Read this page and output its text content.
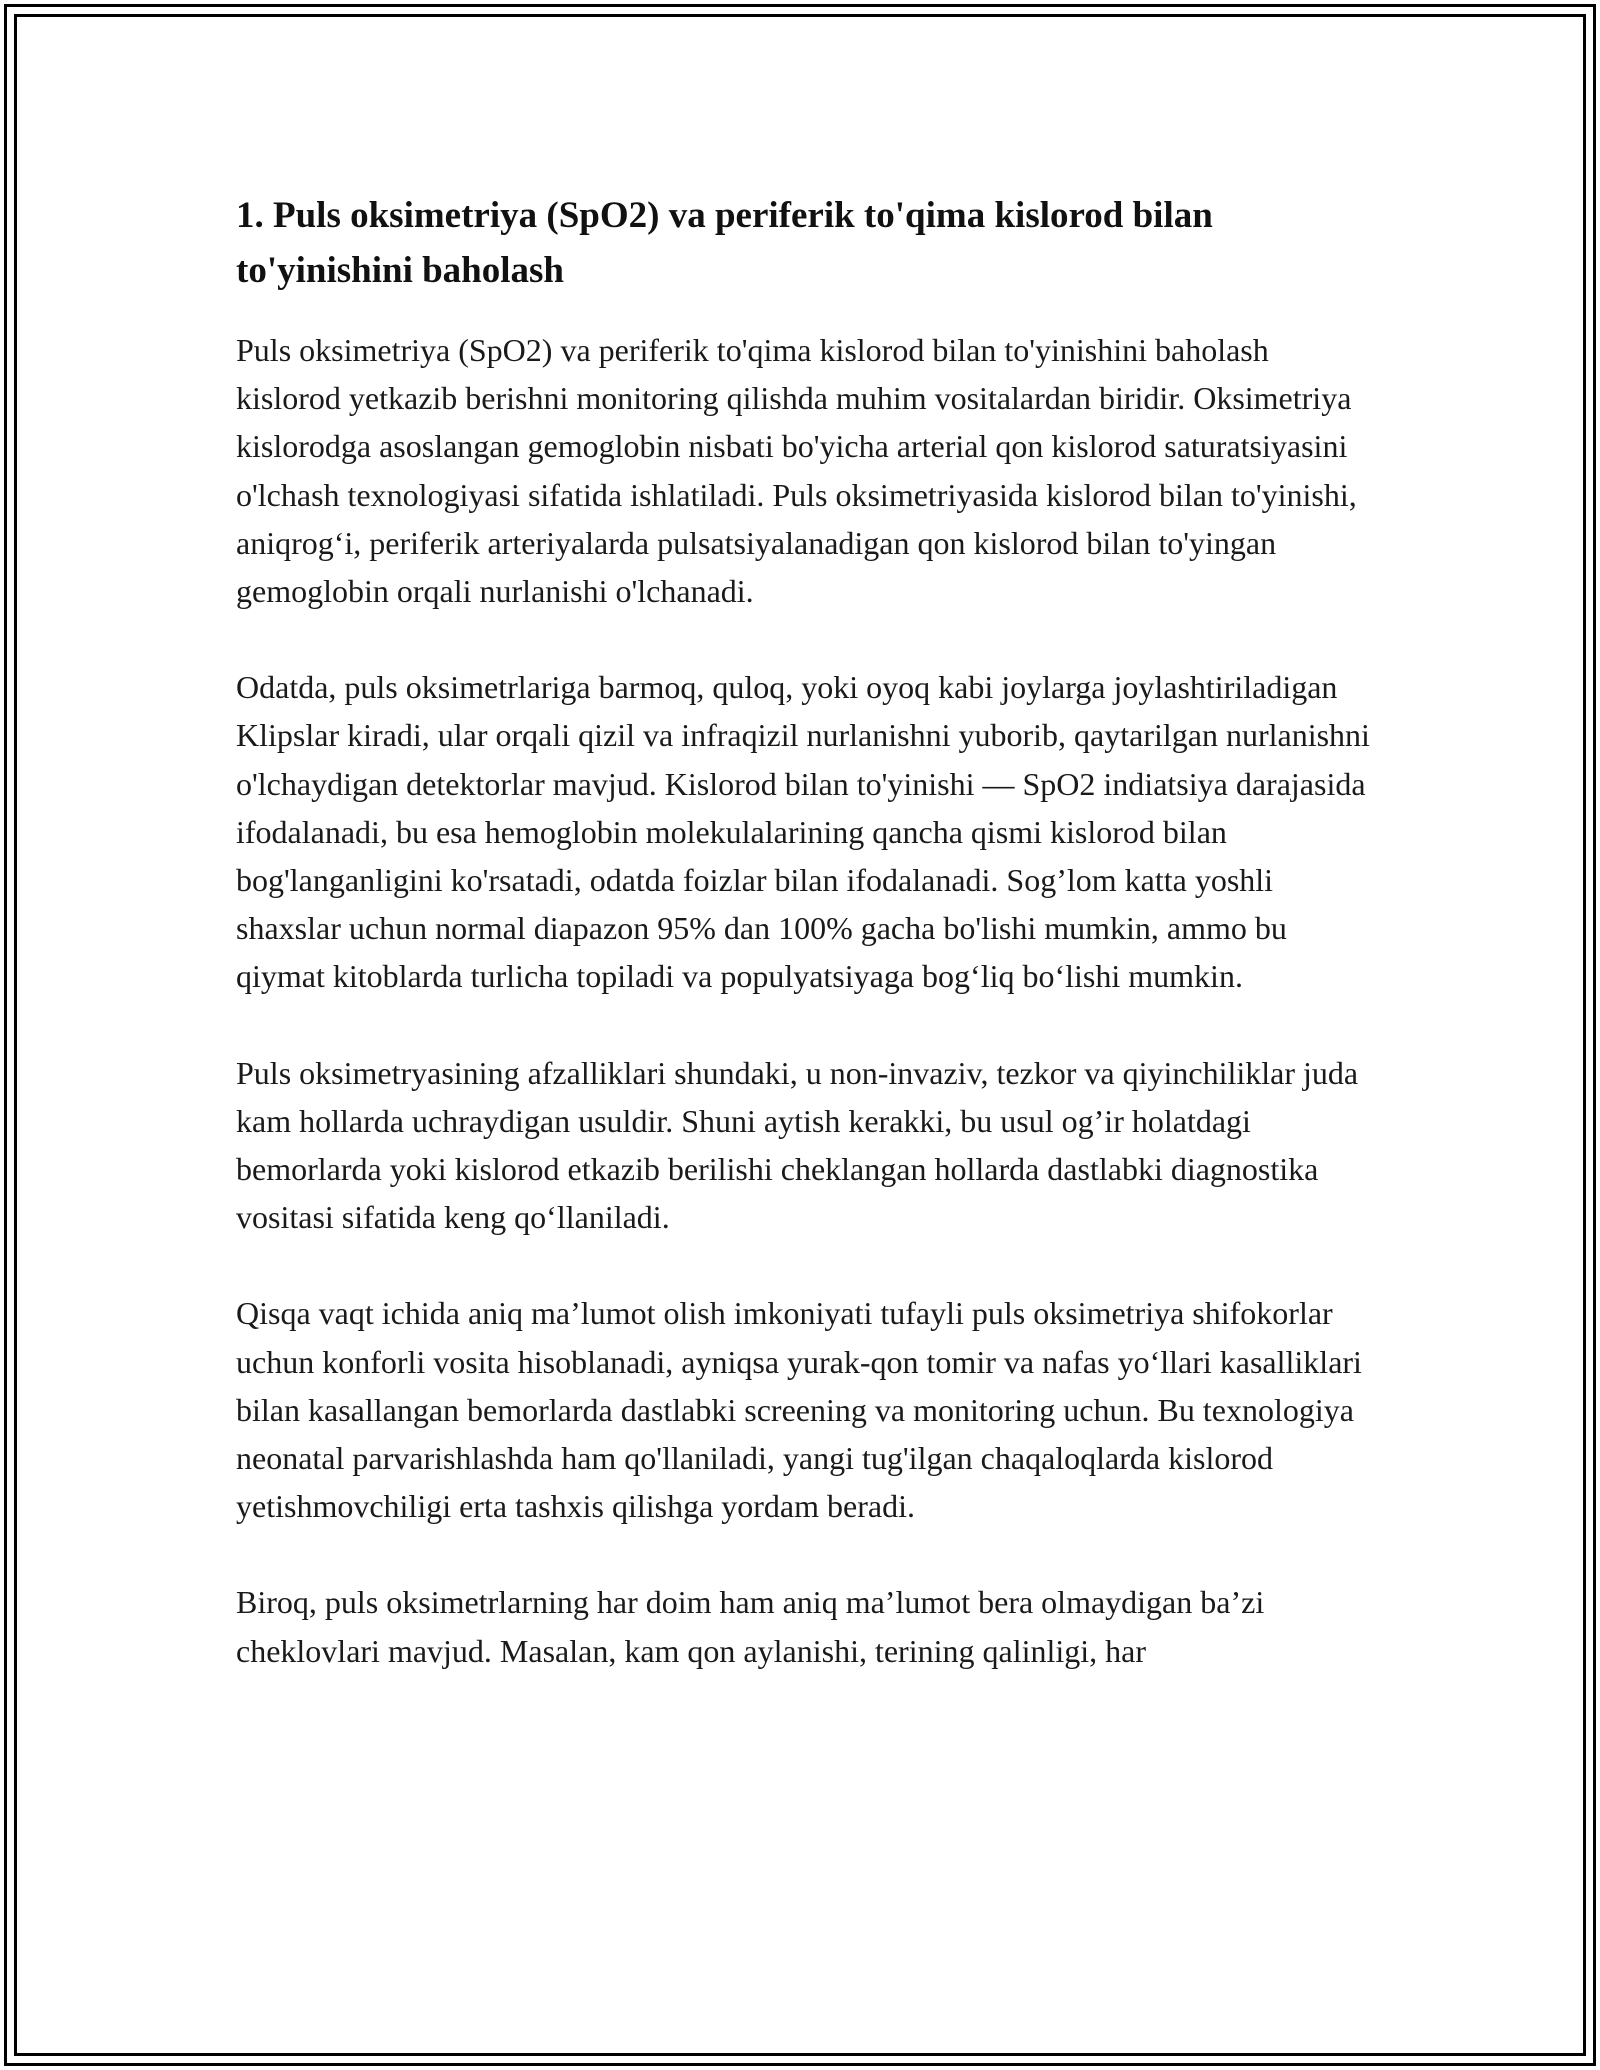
1. Puls oksimetriya (SpO2) va periferik to'qima kislorod bilan to'yinishini baholash

Puls oksimetriya (SpO2) va periferik to'qima kislorod bilan to'yinishini baholash kislorod yetkazib berishni monitoring qilishda muhim vositalardan biridir. Oksimetriya kislorodga asoslangan gemoglobin nisbati bo'yicha arterial qon kislorod saturatsiyasini o'lchash texnologiyasi sifatida ishlatiladi. Puls oksimetriyasida kislorod bilan to'yinishi, aniqrog‘i, periferik arteriyalarda pulsatsiyalanadigan qon kislorod bilan to'yingan gemoglobin orqali nurlanishi o'lchanadi.

Odatda, puls oksimetrlariga barmoq, quloq, yoki oyoq kabi joylarga joylashtiriladigan Klipslar kiradi, ular orqali qizil va infraqizil nurlanishni yuborib, qaytarilgan nurlanishni o'lchaydigan detektorlar mavjud. Kislorod bilan to'yinishi — SpO2 indiatsiya darajasida ifodalanadi, bu esa hemoglobin molekulalarining qancha qismi kislorod bilan bog'langanligini ko'rsatadi, odatda foizlar bilan ifodalanadi. Sog’lom katta yoshli shaxslar uchun normal diapazon 95% dan 100% gacha bo'lishi mumkin, ammo bu qiymat kitoblarda turlicha topiladi va populyatsiyaga bog‘liq bo‘lishi mumkin.

Puls oksimetryasining afzalliklari shundaki, u non-invaziv, tezkor va qiyinchiliklar juda kam hollarda uchraydigan usuldir. Shuni aytish kerakki, bu usul og’ir holatdagi bemorlarda yoki kislorod etkazib berilishi cheklangan hollarda dastlabki diagnostika vositasi sifatida keng qo‘llaniladi.

Qisqa vaqt ichida aniq ma’lumot olish imkoniyati tufayli puls oksimetriya shifokorlar uchun konforli vosita hisoblanadi, ayniqsa yurak-qon tomir va nafas yo‘llari kasalliklari bilan kasallangan bemorlarda dastlabki screening va monitoring uchun. Bu texnologiya neonatal parvarishlashda ham qo'llaniladi, yangi tug'ilgan chaqaloqlarda kislorod yetishmovchiligi erta tashxis qilishga yordam beradi.

Biroq, puls oksimetrlarning har doim ham aniq ma’lumot bera olmaydigan ba’zi cheklovlari mavjud. Masalan, kam qon aylanishi, terining qalinligi, har
